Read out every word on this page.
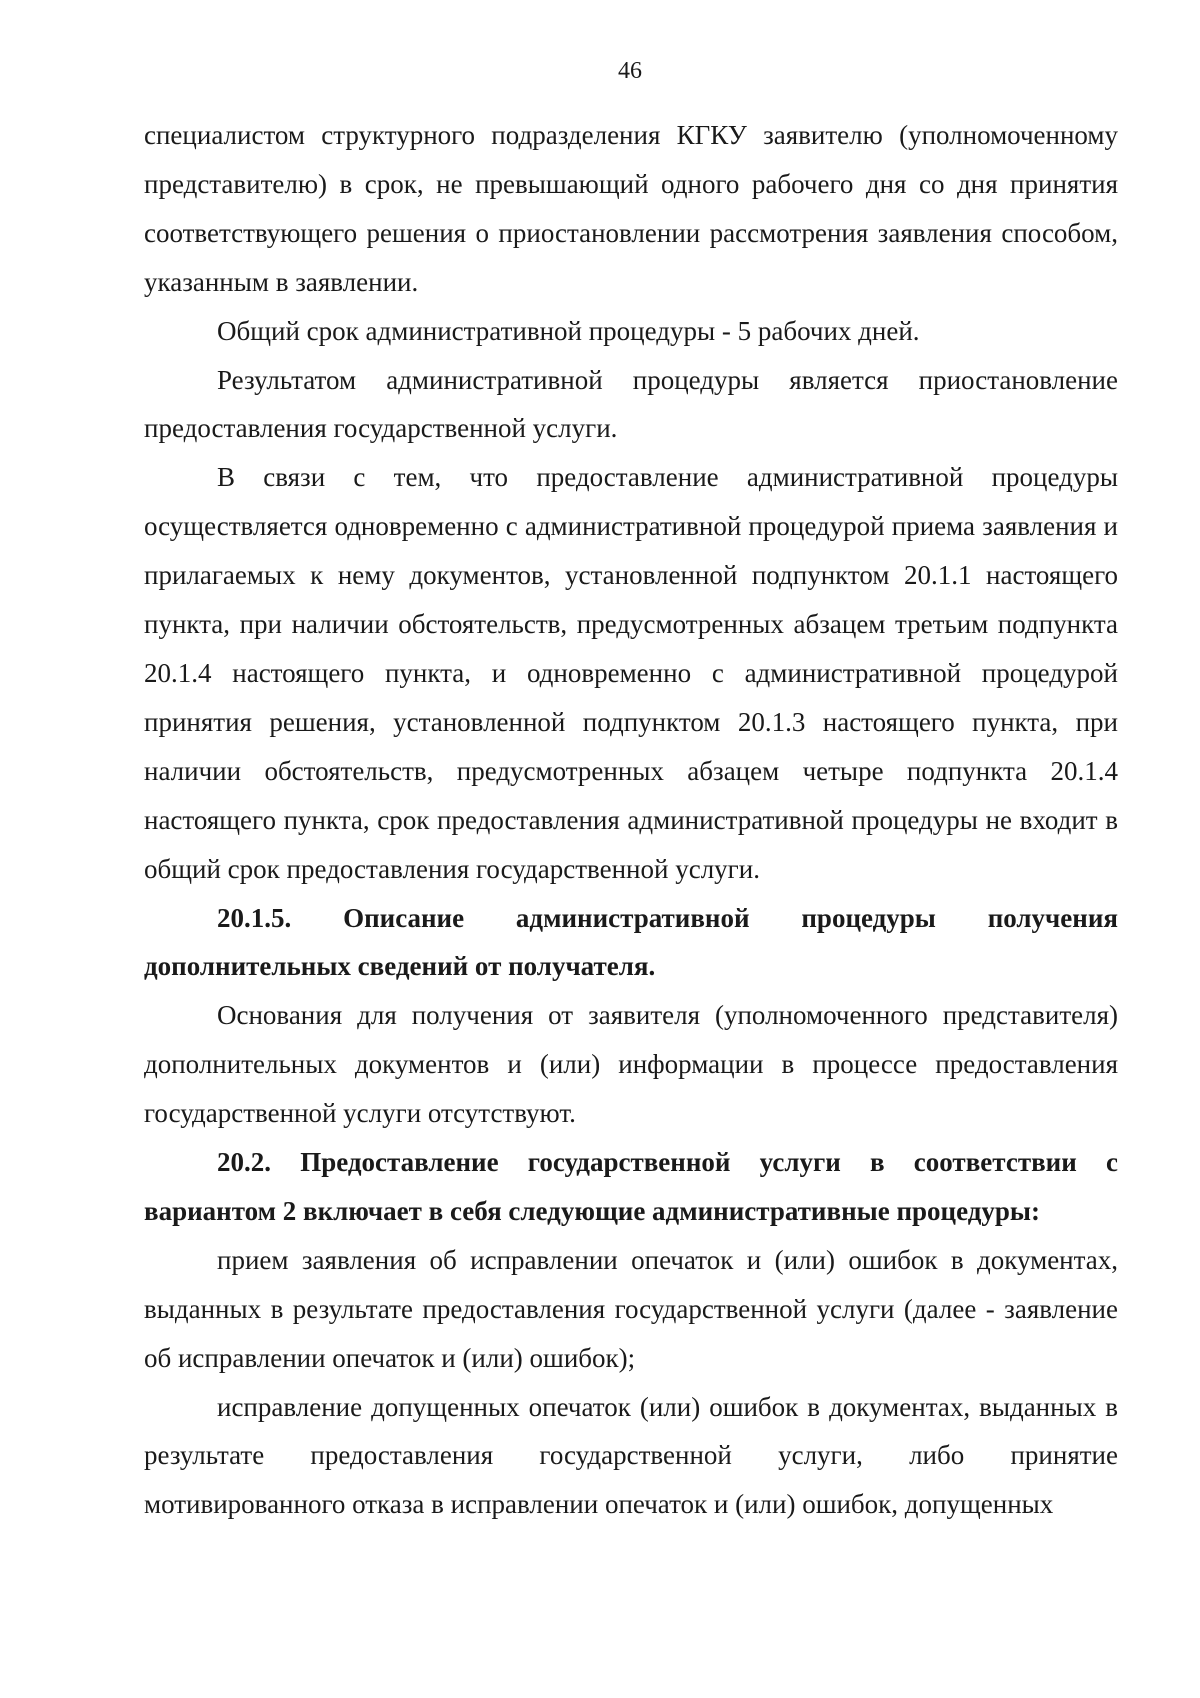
46

специалистом структурного подразделения КГКУ заявителю (уполномоченному представителю) в срок, не превышающий одного рабочего дня со дня принятия соответствующего решения о приостановлении рассмотрения заявления способом, указанным в заявлении.

Общий срок административной процедуры - 5 рабочих дней.

Результатом административной процедуры является приостановление предоставления государственной услуги.

В связи с тем, что предоставление административной процедуры осуществляется одновременно с административной процедурой приема заявления и прилагаемых к нему документов, установленной подпунктом 20.1.1 настоящего пункта, при наличии обстоятельств, предусмотренных абзацем третьим подпункта 20.1.4 настоящего пункта, и одновременно с административной процедурой принятия решения, установленной подпунктом 20.1.3 настоящего пункта, при наличии обстоятельств, предусмотренных абзацем четыре подпункта 20.1.4 настоящего пункта, срок предоставления административной процедуры не входит в общий срок предоставления государственной услуги.

20.1.5. Описание административной процедуры получения дополнительных сведений от получателя.

Основания для получения от заявителя (уполномоченного представителя) дополнительных документов и (или) информации в процессе предоставления государственной услуги отсутствуют.

20.2. Предоставление государственной услуги в соответствии с вариантом 2 включает в себя следующие административные процедуры:

прием заявления об исправлении опечаток и (или) ошибок в документах, выданных в результате предоставления государственной услуги (далее - заявление об исправлении опечаток и (или) ошибок);

исправление допущенных опечаток (или) ошибок в документах, выданных в результате предоставления государственной услуги, либо принятие мотивированного отказа в исправлении опечаток и (или) ошибок, допущенных
